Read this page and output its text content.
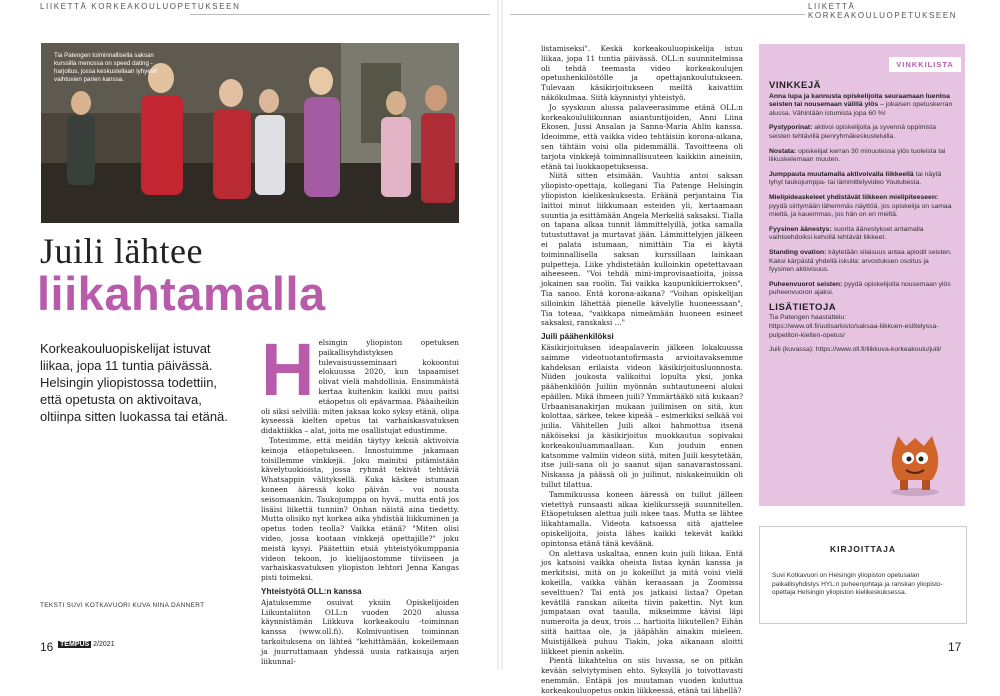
LIIKETTÄ KORKEAKOULUOPETUKSEEN	LIIKETTÄ KORKEAKOULUOPETUKSEEN
Tia Patengen toiminnallisella saksan kurssilla menossa on speed dating -harjoitus, jossa keskustellaan lyhyesti vaihtuvien parien kanssa.
Juili lähtee
liikahtamalla
Korkeakouluopiskelijat istuvat liikaa, jopa 11 tuntia päivässä. Helsingin yliopistossa todettiin, että opetusta on aktivoitava, oltiinpa sitten luokassa tai etänä.
TEKSTI SUVI KOTKAVUORI KUVA NINA DANNERT
H elsingin yliopiston opetuksen paikallisyhdistyksen tulevaisuusseminaari kokoontui elokuussa 2020, kun tapaamiset olivat vielä mahdollisia. Ensimmäistä kertaa kuitenkin kaikki muu paitsi etäopetus oli epävarmaa. Pääaiheikin oli siksi selvillä: miten jaksaa koko syksy etänä, olipa kyseessä kielten opetus tai varhaiskasvatuksen didaktiikka – alat, joita me osallistujat edustimme.

Totesimme, että meidän täytyy keksiä aktivoivia keinoja etäopetukseen. Innostuimme jakamaan toisillemme vinkkejä. Joku mainitsi pitämistään kävelytuokioista, jossa ryhmät tekivät tehtäviä Whatsappin välityksellä. Kuka käskee istumaan koneen ääressä koko päivän – voi nousta seisomaankin. Taukojumppa on hyvä, mutta entä jos lisäisi liikettä tunniin? Onhan näistä aina tiedetty. Mutta olisiko nyt korkea aika yhdistää liikkuminen ja opetus toden teolla? Vaikka etänä? "Miten olisi video, jossa kootaan vinkkejä opettajille?" joku meistä kysyi. Päätettiin etsiä yhteistyökumppania videon tekoon, jo kielijaostomme tiiviiseen ja varhaiskasvatuksen yliopiston lehtori Jenna Kangas pisti toimeksi.

Yhteistyötä OLL:n kanssa

Ajatuksemme osuivat yksiin Opiskelijoiden Liikuntaliiton OLL:n vuoden 2020 alussa käynnistämän Liikkuva korkeakoulu -toiminnan kanssa (www.oll.fi). Kolmivuotisen toiminnan tarkoituksena on lähteä "kehittämään, kokeilemaan ja juurruttamaan yhdessä uusia ratkaisuja arjen liikunnal-

listamiseksi". Keskä korkeakouluopiskelija istuu liikaa, jopa 11 tuntia päivässä. OLL:n suunnitelmissa oli tehdä teemasta video korkeakoulujen opetushenkilöstölle ja opettajankoulutukseen. Tulevaan käsikirjoitukseen meiltä kaivattiin näkökulmaa. Siitä käynnistyi yhteistyö.

Jo syyskuun alussa palaveerasimme etänä OLL:n korkeakoululiikunnan asiantuntijoiden, Anni Liina Ekosen, Jussi Ansalan ja Sanna-Maria Ahlin kanssa. Ideoimme, että vaikka video tehtäisiin korona-aikana, sen tähtäin voisi olla pidemmällä. Tavoitteena oli tarjota vinkkejä toiminnallisuuteen kaikkiin aineisiin, etänä tai luokkaopetuksessa.

Niitä sitten etsimään. Vauhtia antoi saksan yliopisto-opettaja, kollegani Tia Patenge Helsingin yliopiston kielikeskuksesta. Eräänä perjantaina Tia laittoi minut liikkumaan esteiden yli, kertaamaan suuntia ja esittämään Angela Merkeliä saksaksi. Tialla on tapana alkaa tunnit lämmittelyillä, jotka samalla tutustuttavat ja murtavat jään. Lämmittelyjen jälkeen ei palata istumaan, nimittäin Tia ei käytä toiminnallisella saksan kurssillaan lainkaan pulpetteja. Liike yhdistetään kulloinkin opetettavaan aiheeseen. "Voi tehdä mini-improvisaatioita, joissa jokainen saa roolin. Tai vaikka kaupunkikierroksen", Tia sanoo. Entä korona-aikana? "Voihan opiskelijan silloinkin lähettää pienelle kävelylle huoneessaan", Tia toteaa, "vaikkapa nimeämään huoneen esineet saksaksi, ranskaksi ..."

Juili päähenkilöksi

Käsikirjoituksen ideapalaverin jälkeen lokakuussa saimme videotuotantofirmasta arvioitavaksemme kahdeksan erilaista videon käsikirjoitusluonnosta. Niiden joukosta valikoitui lopulta yksi, jonka päähenkilöön Juiliin myönnän suhtautuneeni aluksi epäillen. Mikä ihmeen juili? Ymmärtääkö sitä kukaan? Urbaanisanakirjan mukaan juilimisen on sitä, kun kolottaa, särkee, tekee kipeää – esimerkiksi selkää voi juilia. Vähitellen Juili alkoi hahmottua itsenä näköiseksi ja käsikirjoitus muokkautua sopivaksi korkeakouluammaallaan. Kun jouduin ennen katsomme valmiin videon siitä, miten Juili kesytetään, itse juili-sana oli jo saanut sijan sanavarastossani. Niskassa ja päässä oli jo juilinut, niskakeinuikin oli tullut tilattua.

Tammikuussa koneen ääressä on tullut jälleen vietettyä runsaasti aikaa kielikurssejä suunnitellen. Etäopetuksen alettua juili iskee taas. Mutta se lähtee liikahtamalla. Videota katsoessa sitä ajattelee opiskelijoita, joista lähes kaikki tekevät kaikki opintonsa etänä tänä keväänä.

On alettava uskaltaa, ennen kuin juili liikaa. Entä jos katsoisi vaikka oheista listaa kynän kanssa ja merkitsisi, mitä on jo kokeillut ja mitä voisi vielä kokeilla, vaikka vähän keraasaan ja Zoomissa sevelttuen? Tai entä jos jatkaisi listaa? Opetan kevätllä ranskan aikeita tiivin pakettin. Nyt kun jumpataan ovat taaulla, mikseimme kävisi läpi numeroita ja deux, trois ... hartioita liikutellen? Eihän siitä haittaa ole, ja jääpähän ainakin mieleen. Muistijälkeä puhuu Tiakin, joka aikanaan aloitti liikkeet pienin askelin.

Pientä liikahtelua on siis luvassa, se on pitkän kevään selviytymisen ehto. Syksyllä jo toivottavasti enemmän. Entäpä jos muutaman vuoden kuluttua korkeakouluopetus onkin liikkeessä, etänä tai lähellä?

VINKKILISTA
VINKKEJÄ

Anna lupa ja kannusta opiskelijoita seuraamaan luentoa seisten tai nousemaan välillä ylös – jokaisen opetuskerran alussa. Vähintään istumista jopa 60 %!

Pystyporinat: aktivoi opiskelijoita ja syvennä oppimista seisten tehtävillä pienryhmäkeskusteluilla.

Nostata: opiskelijat kerran 30 minuutessa ylös tuoleista tai liikuskelemaan muuten.

Jumppauta muutamalla aktivoivalla liikkeellä tai näytä lyhyt taukojumppa- tai lämmittelyvideo Youtubesta.

Mielipideaskeleet yhdistävät liikkeen mielipiteeseen: pyydä siirtymään lähemmäs näyttöä, jos opiskelija on samaa mieltä, ja kauemmas, jos hän on eri mieltä.

Fyysinen äänestys: suorita äänestykset antamalla vaihtoehdoiksi kehollä tehtävät liikkeet.

Standing ovation: käytetään silaisuus antaa aplodit seisten. Kaksi kärpästä yhdellä iskulla: arvostuksen osoitus ja fyysinen aktiivisuus.

Puheenvuorot seisten: pyydä opiskelijoita nousemaan ylös puheenvuoron ajaksi.

LISÄTIETOJA

Tia Patengen haastattelu: https://www.oll.fi/uutisarkisto/saksaa-liikkuen-esittelyssa-pulpetiton-kielten-opetus/

Juili (kuvassa): https://www.oll.fi/liikkuva-korkeakoulu/juili/

KIRJOITTAJA
Suvi Kotkavuori on Helsingin yliopiston opetusalan paikallisyhdistys HYL:n puheenjohtaja ja ranskan yliopisto-opettaja Helsingin yliopiston kielikeskuksessa.
16 TEMPUS 2/2021	17
